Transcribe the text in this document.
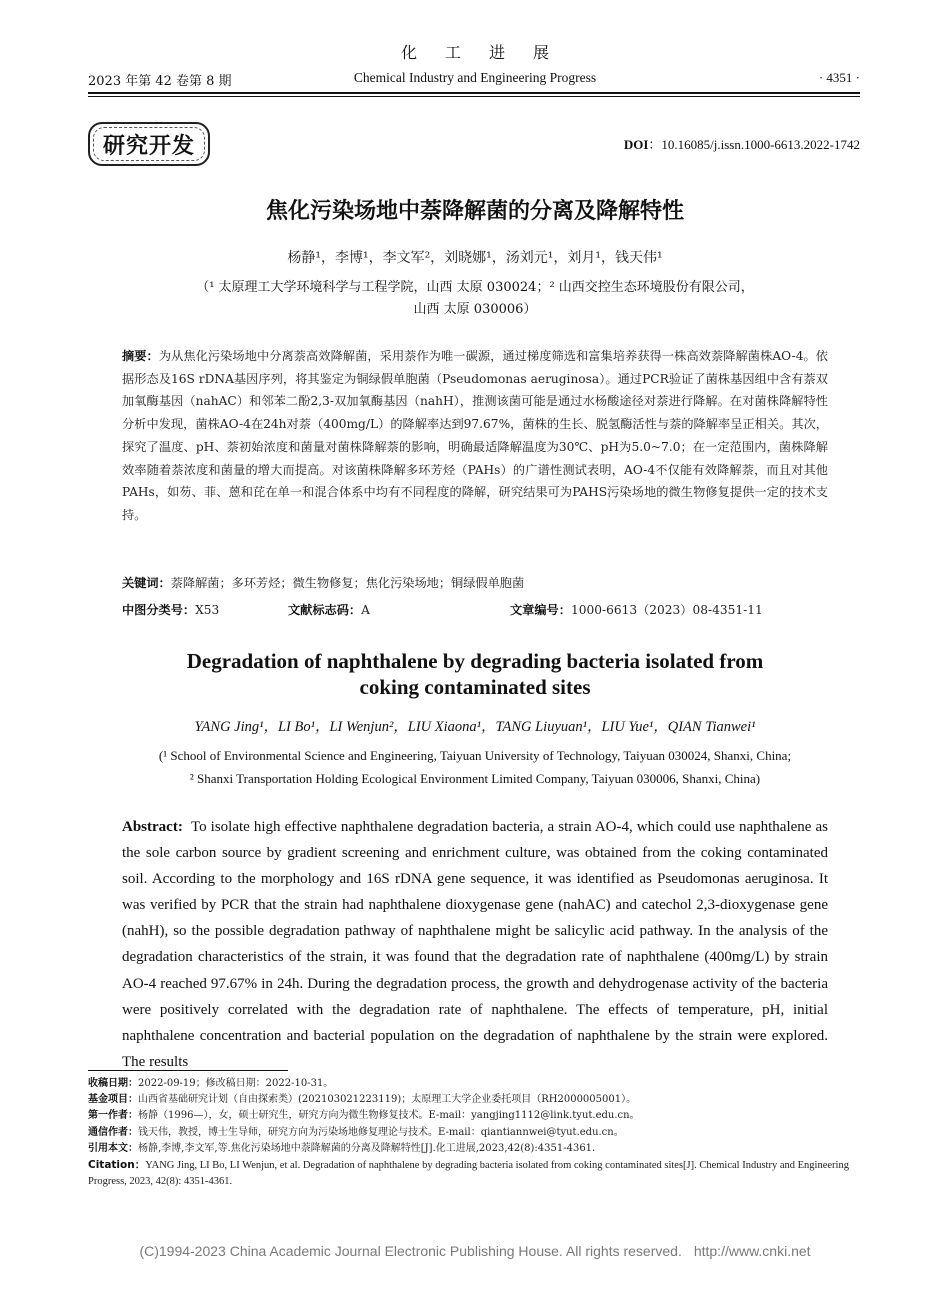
化工进展
2023 年第 42 卷第 8 期	Chemical Industry and Engineering Progress	· 4351 ·
研究开发	DOI：10.16085/j.issn.1000-6613.2022-1742
焦化污染场地中萘降解菌的分离及降解特性
杨静¹，李博¹，李文军²，刘晓娜¹，汤刘元¹，刘月¹，钱天伟¹
（¹ 太原理工大学环境科学与工程学院，山西 太原 030024；² 山西交控生态环境股份有限公司，
山西 太原 030006）
摘要：为从焦化污染场地中分离萘高效降解菌，采用萘作为唯一碳源，通过梯度筛选和富集培养获得一株高效萘降解菌株AO-4。依据形态及16S rDNA基因序列，将其鉴定为铜绿假单胞菌（Pseudomonas aeruginosa）。通过PCR验证了菌株基因组中含有萘双加氧酶基因（nahAC）和邻苯二酚2,3-双加氧酶基因（nahH），推测该菌可能是通过水杨酸途径对萘进行降解。在对菌株降解特性分析中发现，菌株AO-4在24h对萘（400mg/L）的降解率达到97.67%，菌株的生长、脱氢酶活性与萘的降解率呈正相关。其次，探究了温度、pH、萘初始浓度和菌量对菌株降解萘的影响，明确最适降解温度为30℃、pH为5.0~7.0；在一定范围内，菌株降解效率随着萘浓度和菌量的增大而提高。对该菌株降解多环芳烃（PAHs）的广谱性测试表明，AO-4不仅能有效降解萘，而且对其他PAHs，如芴、菲、蒽和芘在单一和混合体系中均有不同程度的降解，研究结果可为PAHS污染场地的微生物修复提供一定的技术支持。
关键词：萘降解菌；多环芳烃；微生物修复；焦化污染场地；铜绿假单胞菌
中图分类号：X53	文献标志码：A	文章编号：1000-6613（2023）08-4351-11
Degradation of naphthalene by degrading bacteria isolated from
coking contaminated sites
YANG Jing¹，LI Bo¹，LI Wenjun²，LIU Xiaona¹，TANG Liuyuan¹，LIU Yue¹，QIAN Tianwei¹
(¹ School of Environmental Science and Engineering, Taiyuan University of Technology, Taiyuan 030024, Shanxi, China;
² Shanxi Transportation Holding Ecological Environment Limited Company, Taiyuan 030006, Shanxi, China)
Abstract: To isolate high effective naphthalene degradation bacteria, a strain AO-4, which could use naphthalene as the sole carbon source by gradient screening and enrichment culture, was obtained from the coking contaminated soil. According to the morphology and 16S rDNA gene sequence, it was identified as Pseudomonas aeruginosa. It was verified by PCR that the strain had naphthalene dioxygenase gene (nahAC) and catechol 2,3-dioxygenase gene (nahH), so the possible degradation pathway of naphthalene might be salicylic acid pathway. In the analysis of the degradation characteristics of the strain, it was found that the degradation rate of naphthalene (400mg/L) by strain AO-4 reached 97.67% in 24h. During the degradation process, the growth and dehydrogenase activity of the bacteria were positively correlated with the degradation rate of naphthalene. The effects of temperature, pH, initial naphthalene concentration and bacterial population on the degradation of naphthalene by the strain were explored. The results
收稿日期：2022-09-19；修改稿日期：2022-10-31。
基金项目：山西省基础研究计划（自由探索类）(202103021223119)；太原理工大学企业委托项目（RH2000005001）。
第一作者：杨静（1996—），女，硕士研究生，研究方向为微生物修复技术。E-mail：yangjing1112@link.tyut.edu.cn。
通信作者：钱天伟，教授，博士生导师，研究方向为污染场地修复理论与技术。E-mail：qiantiannwei@tyut.edu.cn。
引用本文：杨静,李博,李文军,等.焦化污染场地中萘降解菌的分离及降解特性[J].化工进展,2023,42(8):4351-4361.
Citation：YANG Jing, LI Bo, LI Wenjun, et al. Degradation of naphthalene by degrading bacteria isolated from coking contaminated sites[J]. Chemical Industry and Engineering Progress, 2023, 42(8): 4351-4361.
(C)1994-2023 China Academic Journal Electronic Publishing House. All rights reserved. http://www.cnki.net
